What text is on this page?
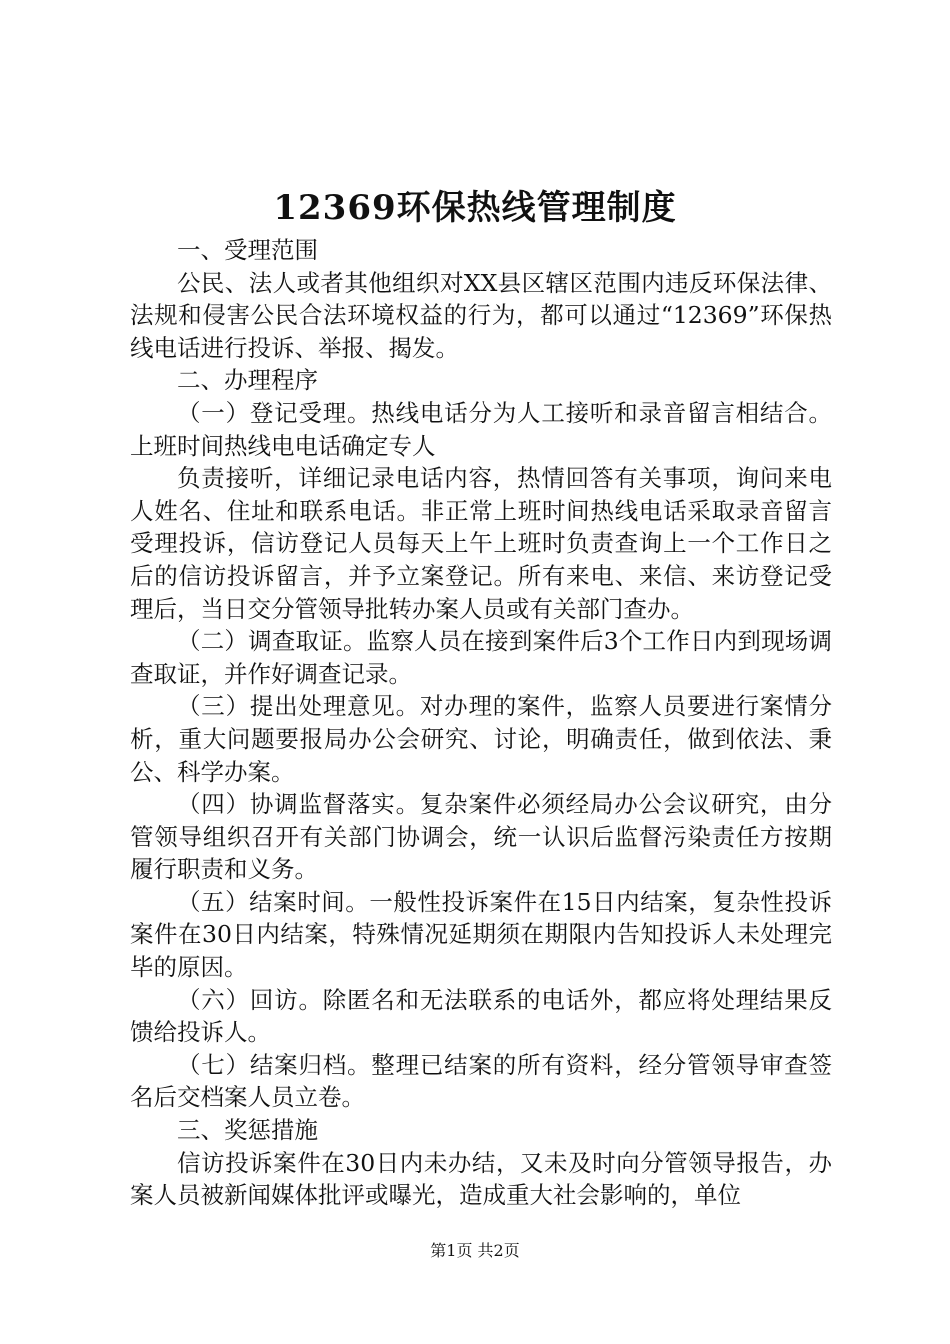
12369环保热线管理制度

一、受理范围

公民、法人或者其他组织对XX县区辖区范围内违反环保法律、法规和侵害公民合法环境权益的行为，都可以通过“12369”环保热线电话进行投诉、举报、揭发。

二、办理程序

（一）登记受理。热线电话分为人工接听和录音留言相结合。上班时间热线电电话确定专人

负责接听，详细记录电话内容，热情回答有关事项，询问来电人姓名、住址和联系电话。非正常上班时间热线电话采取录音留言受理投诉，信访登记人员每天上午上班时负责查询上一个工作日之后的信访投诉留言，并予立案登记。所有来电、来信、来访登记受理后，当日交分管领导批转办案人员或有关部门查办。

（二）调查取证。监察人员在接到案件后3个工作日内到现场调查取证，并作好调查记录。

（三）提出处理意见。对办理的案件，监察人员要进行案情分析，重大问题要报局办公会研究、讨论，明确责任，做到依法、秉公、科学办案。

（四）协调监督落实。复杂案件必须经局办公会议研究，由分管领导组织召开有关部门协调会，统一认识后监督污染责任方按期履行职责和义务。

（五）结案时间。一般性投诉案件在15日内结案，复杂性投诉案件在30日内结案，特殊情况延期须在期限内告知投诉人未处理完毕的原因。

（六）回访。除匿名和无法联系的电话外，都应将处理结果反馈给投诉人。

（七）结案归档。整理已结案的所有资料，经分管领导审查签名后交档案人员立卷。

三、奖惩措施

信访投诉案件在30日内未办结，又未及时向分管领导报告，办案人员被新闻媒体批评或曝光，造成重大社会影响的，单位

第1页 共2页
